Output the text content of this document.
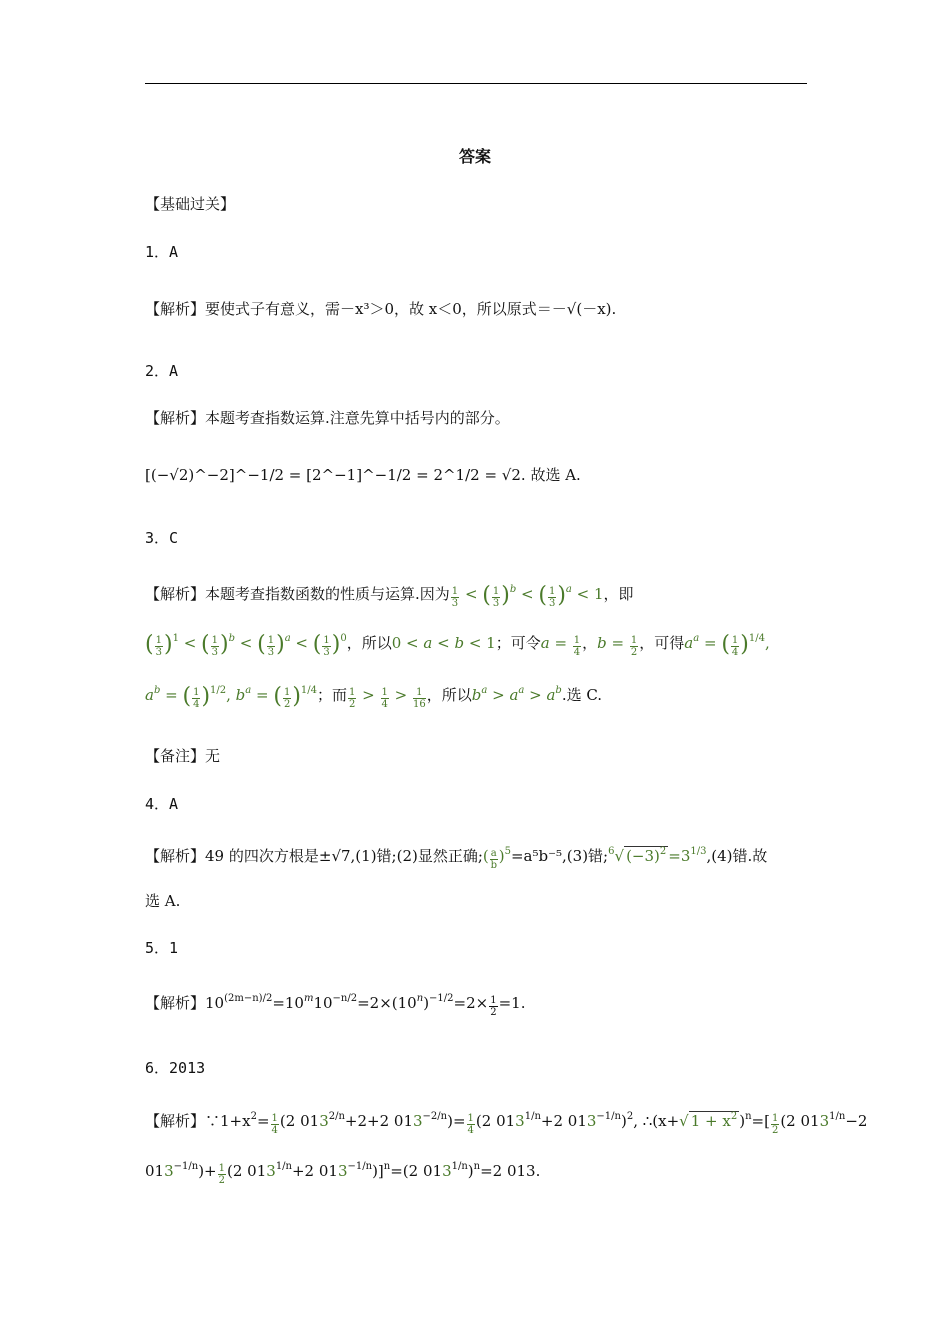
答案
【基础过关】
1．A
【解析】要使式子有意义，需－x³＞0，故 x＜0，所以原式＝－√(－x).
2．A
【解析】本题考查指数运算.注意先算中括号内的部分。
[(−√2)^−2]^−1/2 = [2^−1]^−1/2 = 2^1/2 = √2. 故选 A.
3．C
【解析】本题考查指数函数的性质与运算.因为 $\frac{1}{3}$ < ( $\frac{1}{3} )^b$ < ( $\frac{1}{3} )^a < 1$，即
( $\frac{1}{3} )^1$ < ( $\frac{1}{3} )^b$ < ( $\frac{1}{3} )^a$ < ( $\frac{1}{3} )^0$，所以0 < a < b < 1；可令$a = \frac{1}{4}$ ，$b = \frac{1}{2}$ ，可得$a^a$ = ( $\frac{1}{4} )^{1/4}$,
$a^b$ = ( $\frac{1}{4} )^{1/2}$, $b^a$ = ( $\frac{1}{2} )^{1/4}$；而 $\frac{1}{2} > \frac{1}{4} > \frac{1}{16}$ ，所以$b^a > a^a > a^b$.选 C.
【备注】无
4．A
【解析】49 的四次方根是±√7,(1)错;(2)显然正确;( $\frac{a}{b} )^5=a^5b^{-5},(3)$错;$^6$√ $(-3)^2 =3^{1/3},(4)$错.故
选 A.
5．1
【解析】$10^{(2m-n)/2}=10^m10^{-n/2}=2\times(10^n)^{-1/2}=2\times \frac{1}{2} =1$.
6．2013
【解析】$\because 1+x^2= \frac{1}{4} (2$ $013^{2/n}+2+2$ $013^{-2/n})= \frac{1}{4} (2$ $013^{1/n}+2$ $013^{-1/n})^2$, ∴(x+√ $1 + x^2$ )$^n=[ \frac{1}{2} (2$ $013^{1/n}-2$
$013^{-1/n})+ \frac{1}{2} (2$ $013^{1/n}+2$ $013^{-1/n})]^n=(2$ $013^{1/n})^n=2$ 013.
